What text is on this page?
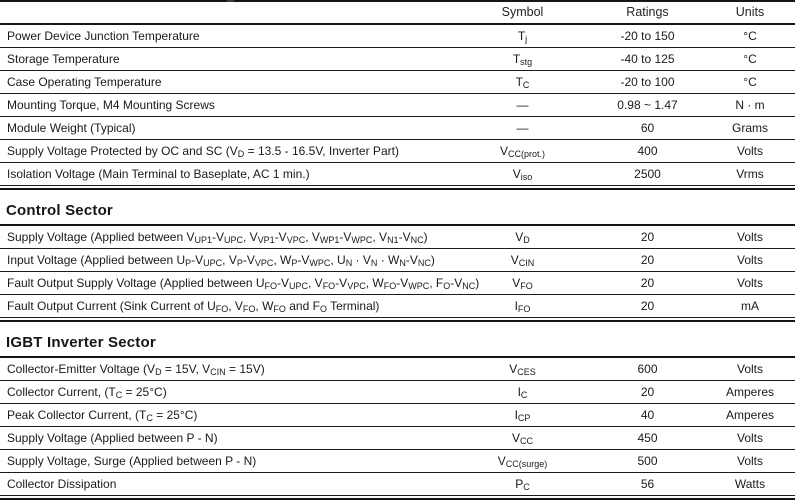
	Symbol	Ratings	Units
Power Device Junction Temperature	$T_j$	-20 to 150	°C
Storage Temperature	$T_{stg}$	-40 to 125	°C
Case Operating Temperature	$T_C$	-20 to 100	°C
Mounting Torque, M4 Mounting Screws	—	0.98 ~ 1.47	N · m
Module Weight (Typical)	—	60	Grams
Supply Voltage Protected by OC and SC ($V_D = 13.5 - 16.5V$, Inverter Part)	$V_{CC(prot.)}$	400	Volts
Isolation Voltage (Main Terminal to Baseplate, AC 1 min.)	$V_{iso}$	2500	Vrms
Control Sector
Supply Voltage (Applied between $V_{UP1}-V_{UPC}$, $V_{VP1}-V_{VPC}$, $V_{WP1}-V_{WPC}$, $V_{N1}-V_{NC}$)	$V_D$	20	Volts
Input Voltage (Applied between $U_P-V_{UPC}$, $V_P-V_{VPC}$, $W_P-V_{WPC}$, $U_N \cdot V_N \cdot W_N-V_{NC}$)	$V_{CIN}$	20	Volts
Fault Output Supply Voltage (Applied between $U_{FO}-V_{UPC}$, $V_{FO}-V_{VPC}$, $W_{FO}-V_{WPC}$, $F_O-V_{NC}$)	$V_{FO}$	20	Volts
Fault Output Current (Sink Current of $U_{FO}$, $V_{FO}$, $W_{FO}$ and $F_O$ Terminal)	$I_{FO}$	20	mA
IGBT Inverter Sector
Collector-Emitter Voltage ($V_D = 15V$, $V_{CIN} = 15V$)	$V_{CES}$	600	Volts
Collector Current, $(T_C = 25^\circ C)$	$I_C$	20	Amperes
Peak Collector Current, $(T_C = 25^\circ C)$	$I_{CP}$	40	Amperes
Supply Voltage (Applied between P - N)	$V_{CC}$	450	Volts
Supply Voltage, Surge (Applied between P - N)	$V_{CC(surge)}$	500	Volts
Collector Dissipation	$P_C$	56	Watts
